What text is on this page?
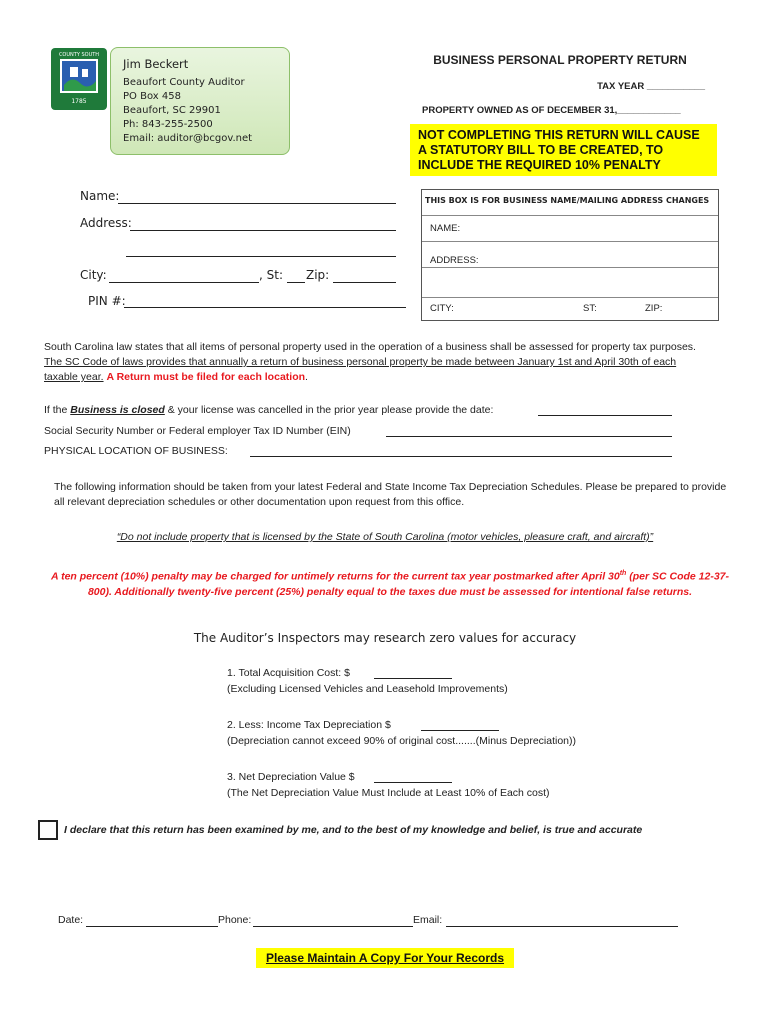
COUNTY SOUTH
1785
Jim Beckert
Beaufort County Auditor
PO Box 458
Beaufort, SC 29901
Ph: 843-255-2500
Email: auditor@bcgov.net
BUSINESS PERSONAL PROPERTY RETURN
TAX YEAR ___________
PROPERTY OWNED AS OF DECEMBER 31,____________
NOT COMPLETING THIS RETURN WILL CAUSE A STATUTORY BILL TO BE CREATED, TO INCLUDE THE REQUIRED 10% PENALTY
Name:
Address:
City:	, St: Zip:
PIN #:
THIS BOX IS FOR BUSINESS NAME/MAILING ADDRESS CHANGES
NAME:
ADDRESS:
CITY:	ST:	ZIP:
South Carolina law states that all items of personal property used in the operation of a business shall be assessed for property tax purposes. The SC Code of laws provides that annually a return of business personal property be made between January 1st and April 30th of each taxable year. A Return must be filed for each location.
If the Business is closed & your license was cancelled in the prior year please provide the date:
Social Security Number or Federal employer Tax ID Number (EIN)
PHYSICAL LOCATION OF BUSINESS:
The following information should be taken from your latest Federal and State Income Tax Depreciation Schedules. Please be prepared to provide all relevant depreciation schedules or other documentation upon request from this office.
“Do not include property that is licensed by the State of South Carolina (motor vehicles, pleasure craft, and aircraft)”
A ten percent (10%) penalty may be charged for untimely returns for the current tax year postmarked after April 30th (per SC Code 12-37-800). Additionally twenty-five percent (25%) penalty equal to the taxes due must be assessed for intentional false returns.
The Auditor’s Inspectors may research zero values for accuracy
1. Total Acquisition Cost: $
(Excluding Licensed Vehicles and Leasehold Improvements)
2. Less: Income Tax Depreciation $
(Depreciation cannot exceed 90% of original cost.......(Minus Depreciation))
3. Net Depreciation Value $
(The Net Depreciation Value Must Include at Least 10% of Each cost)
I declare that this return has been examined by me, and to the best of my knowledge and belief, is true and accurate
Date:	Phone:	Email:
Please Maintain A Copy For Your Records
